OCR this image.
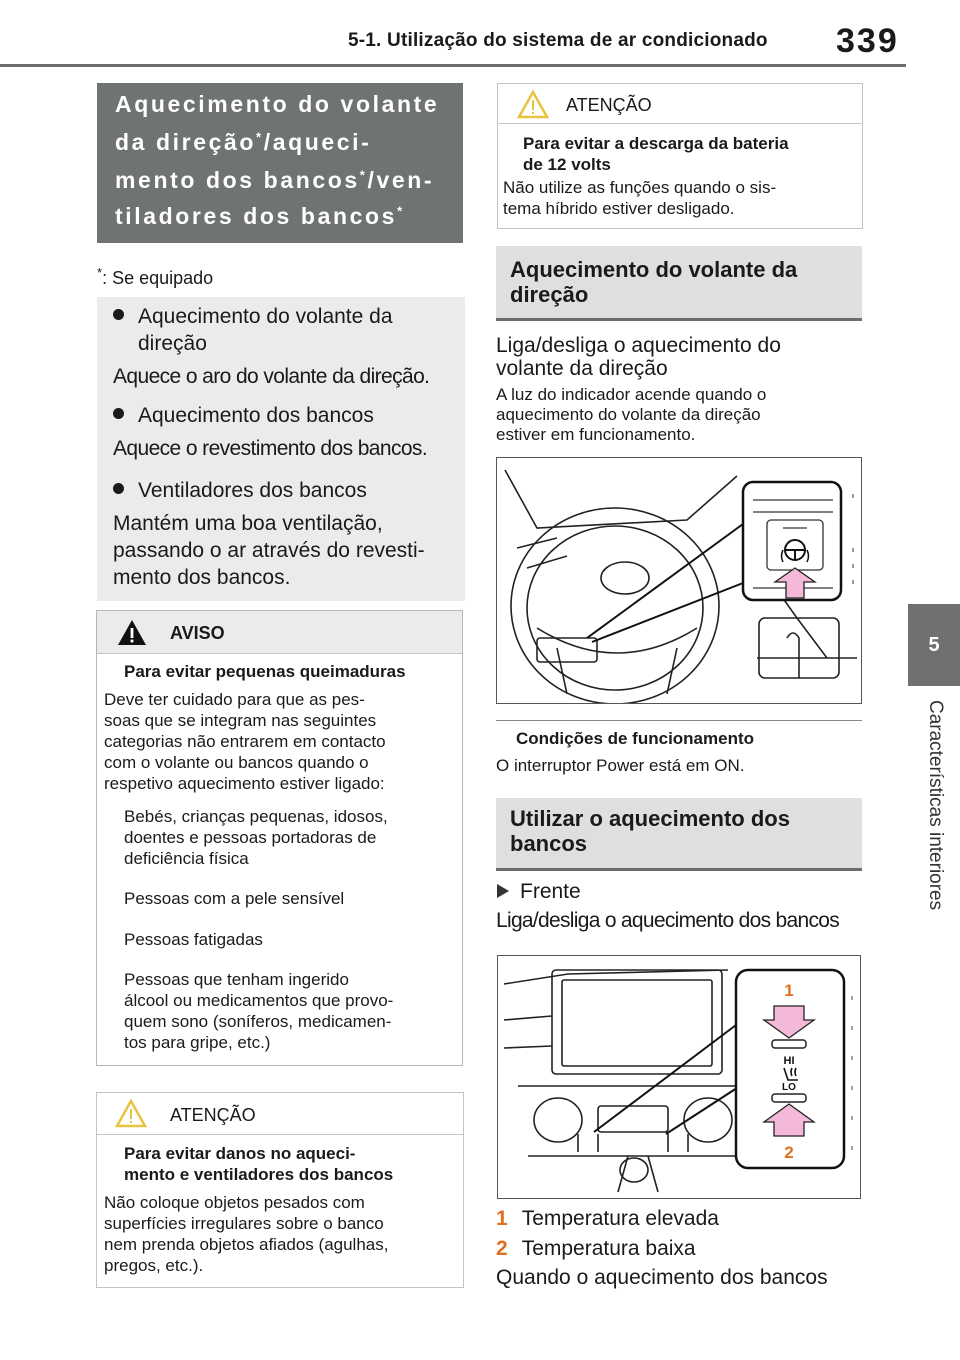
5-1. Utilização do sistema de ar condicionado 339
5
Características interiores
Aquecimento do volante
da direção*/aqueci-
mento dos bancos*/ven-
tiladores dos bancos*
*: Se equipado
Aquecimento do volante da
direção
Aquece o aro do volante da direção.
Aquecimento dos bancos
Aquece o revestimento dos bancos.
Ventiladores dos bancos
Mantém uma boa ventilação,
passando o ar através do revesti-
mento dos bancos.
AVISO
Para evitar pequenas queimaduras
Deve ter cuidado para que as pes-
soas que se integram nas seguintes
categorias não entrarem em contacto
com o volante ou bancos quando o
respetivo aquecimento estiver ligado:
Bebés, crianças pequenas, idosos,
doentes e pessoas portadoras de
deficiência física
Pessoas com a pele sensível
Pessoas fatigadas
Pessoas que tenham ingerido
álcool ou medicamentos que provo-
quem sono (soníferos, medicamen-
tos para gripe, etc.)
ATENÇÃO
Para evitar danos no aqueci-
mento e ventiladores dos bancos
Não coloque objetos pesados com
superfícies irregulares sobre o banco
nem prenda objetos afiados (agulhas,
pregos, etc.).
ATENÇÃO
Para evitar a descarga da bateria
de 12 volts
Não utilize as funções quando o sis-
tema híbrido estiver desligado.
Aquecimento do volante da
direção
Liga/desliga o aquecimento do
volante da direção
A luz do indicador acende quando o
aquecimento do volante da direção
estiver em funcionamento.
Condições de funcionamento
O interruptor Power está em ON.
Utilizar o aquecimento dos
bancos
Frente
Liga/desliga o aquecimento dos bancos
1
HI
LO
2
1 Temperatura elevada
2 Temperatura baixa
Quando o aquecimento dos bancos
